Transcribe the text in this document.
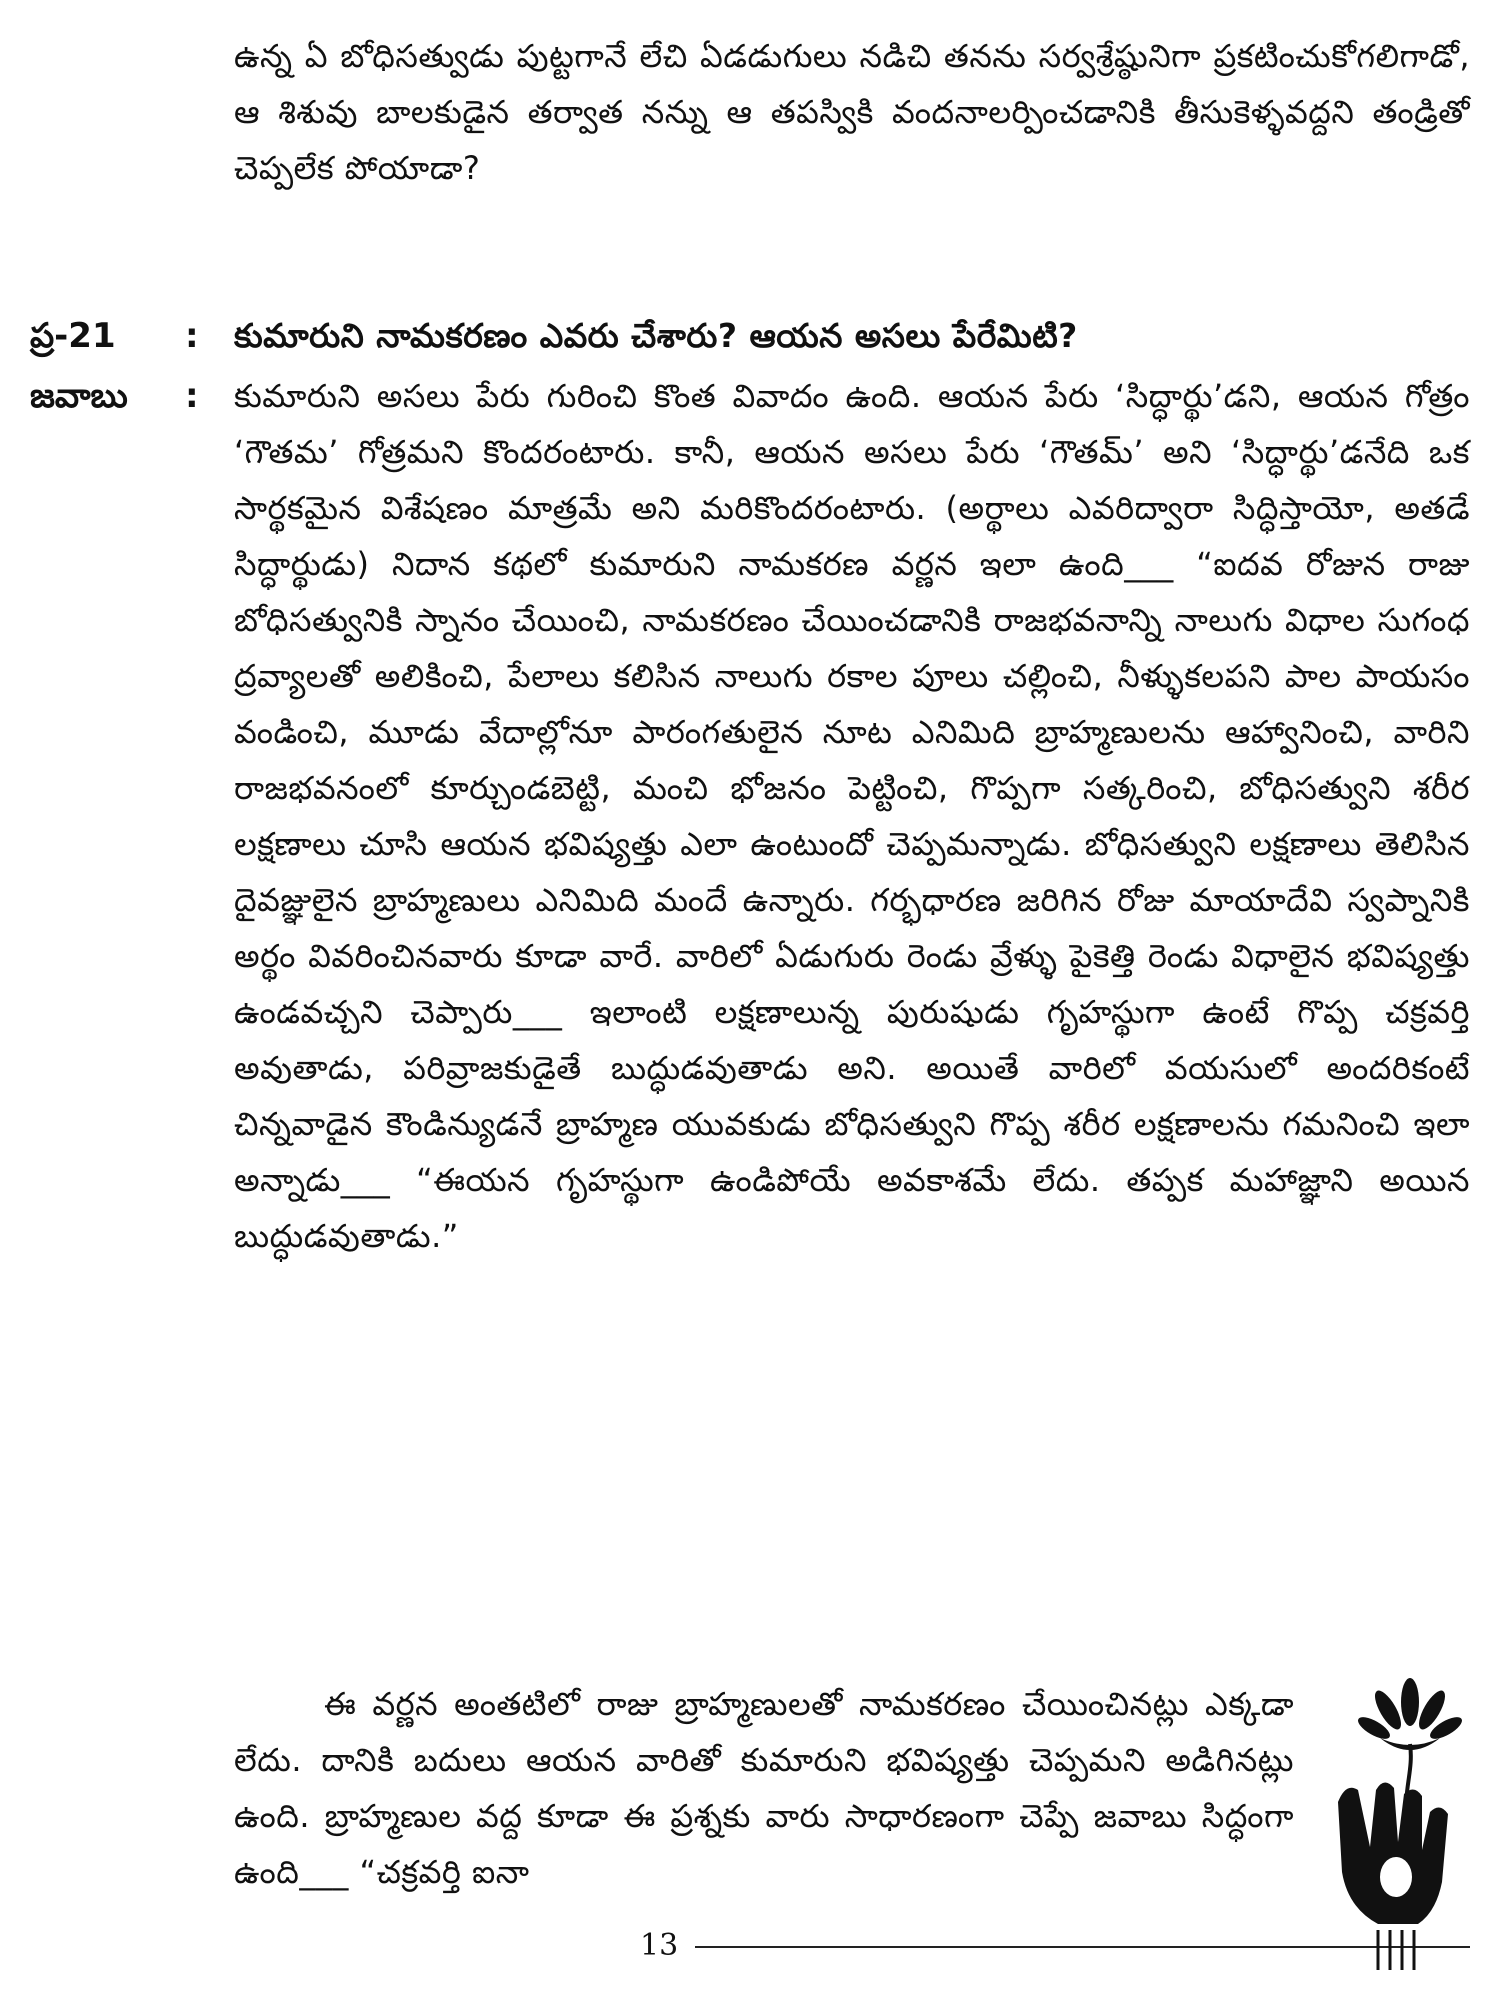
ఉన్న ఏ బోధిసత్వుడు పుట్టగానే లేచి ఏడడుగులు నడిచి తనను సర్వశ్రేష్ఠునిగా ప్రకటించుకోగలిగాడో, ఆ శిశువు బాలకుడైన తర్వాత నన్ను ఆ తపస్వికి వందనాలర్పించడానికి తీసుకెళ్ళవద్దని తండ్రితో చెప్పలేక పోయాడా?
ప్ర-21	: కుమారుని నామకరణం ఎవరు చేశారు? ఆయన అసలు పేరేమిటి?
జవాబు	: కుమారుని అసలు పేరు గురించి కొంత వివాదం ఉంది. ఆయన పేరు ‘సిద్ధార్థు’డని, ఆయన గోత్రం ‘గౌతమ’ గోత్రమని కొందరంటారు. కానీ, ఆయన అసలు పేరు ‘గౌతమ్’ అని ‘సిద్ధార్థు’డనేది ఒక సార్థకమైన విశేషణం మాత్రమే అని మరికొందరంటారు. (అర్థాలు ఎవరిద్వారా సిద్ధిస్తాయో, అతడే సిద్ధార్థుడు) నిదాన కథలో కుమారుని నామకరణ వర్ణన ఇలా ఉంది___ “ఐదవ రోజున రాజు బోధిసత్వునికి స్నానం చేయించి, నామకరణం చేయించడానికి రాజభవనాన్ని నాలుగు విధాల సుగంధ ద్రవ్యాలతో అలికించి, పేలాలు కలిసిన నాలుగు రకాల పూలు చల్లించి, నీళ్ళుకలపని పాల పాయసం వండించి, మూడు వేదాల్లోనూ పారంగతులైన నూట ఎనిమిది బ్రాహ్మణులను ఆహ్వానించి, వారిని రాజభవనంలో కూర్చుండబెట్టి, మంచి భోజనం పెట్టించి, గొప్పగా సత్కరించి, బోధిసత్వుని శరీర లక్షణాలు చూసి ఆయన భవిష్యత్తు ఎలా ఉంటుందో చెప్పమన్నాడు. బోధిసత్వుని లక్షణాలు తెలిసిన దైవజ్ఞులైన బ్రాహ్మణులు ఎనిమిది మందే ఉన్నారు. గర్భధారణ జరిగిన రోజు మాయాదేవి స్వప్నానికి అర్థం వివరించినవారు కూడా వారే. వారిలో ఏడుగురు రెండు వ్రేళ్ళు పైకెత్తి రెండు విధాలైన భవిష్యత్తు ఉండవచ్చని చెప్పారు___ ఇలాంటి లక్షణాలున్న పురుషుడు గృహస్థుగా ఉంటే గొప్ప చక్రవర్తి అవుతాడు, పరివ్రాజకుడైతే బుద్ధుడవుతాడు అని. అయితే వారిలో వయసులో అందరికంటే చిన్నవాడైన కౌండిన్యుడనే బ్రాహ్మణ యువకుడు బోధిసత్వుని గొప్ప శరీర లక్షణాలను గమనించి ఇలా అన్నాడు___ “ఈయన గృహస్థుగా ఉండిపోయే అవకాశమే లేదు. తప్పక మహాజ్ఞాని అయిన బుద్ధుడవుతాడు.”
ఈ వర్ణన అంతటిలో రాజు బ్రాహ్మణులతో నామకరణం చేయించినట్లు ఎక్కడా లేదు. దానికి బదులు ఆయన వారితో కుమారుని భవిష్యత్తు చెప్పమని అడిగినట్లు ఉంది. బ్రాహ్మణుల వద్ద కూడా ఈ ప్రశ్నకు వారు సాధారణంగా చెప్పే జవాబు సిద్ధంగా ఉంది___ “చక్రవర్తి ఐనా
13
